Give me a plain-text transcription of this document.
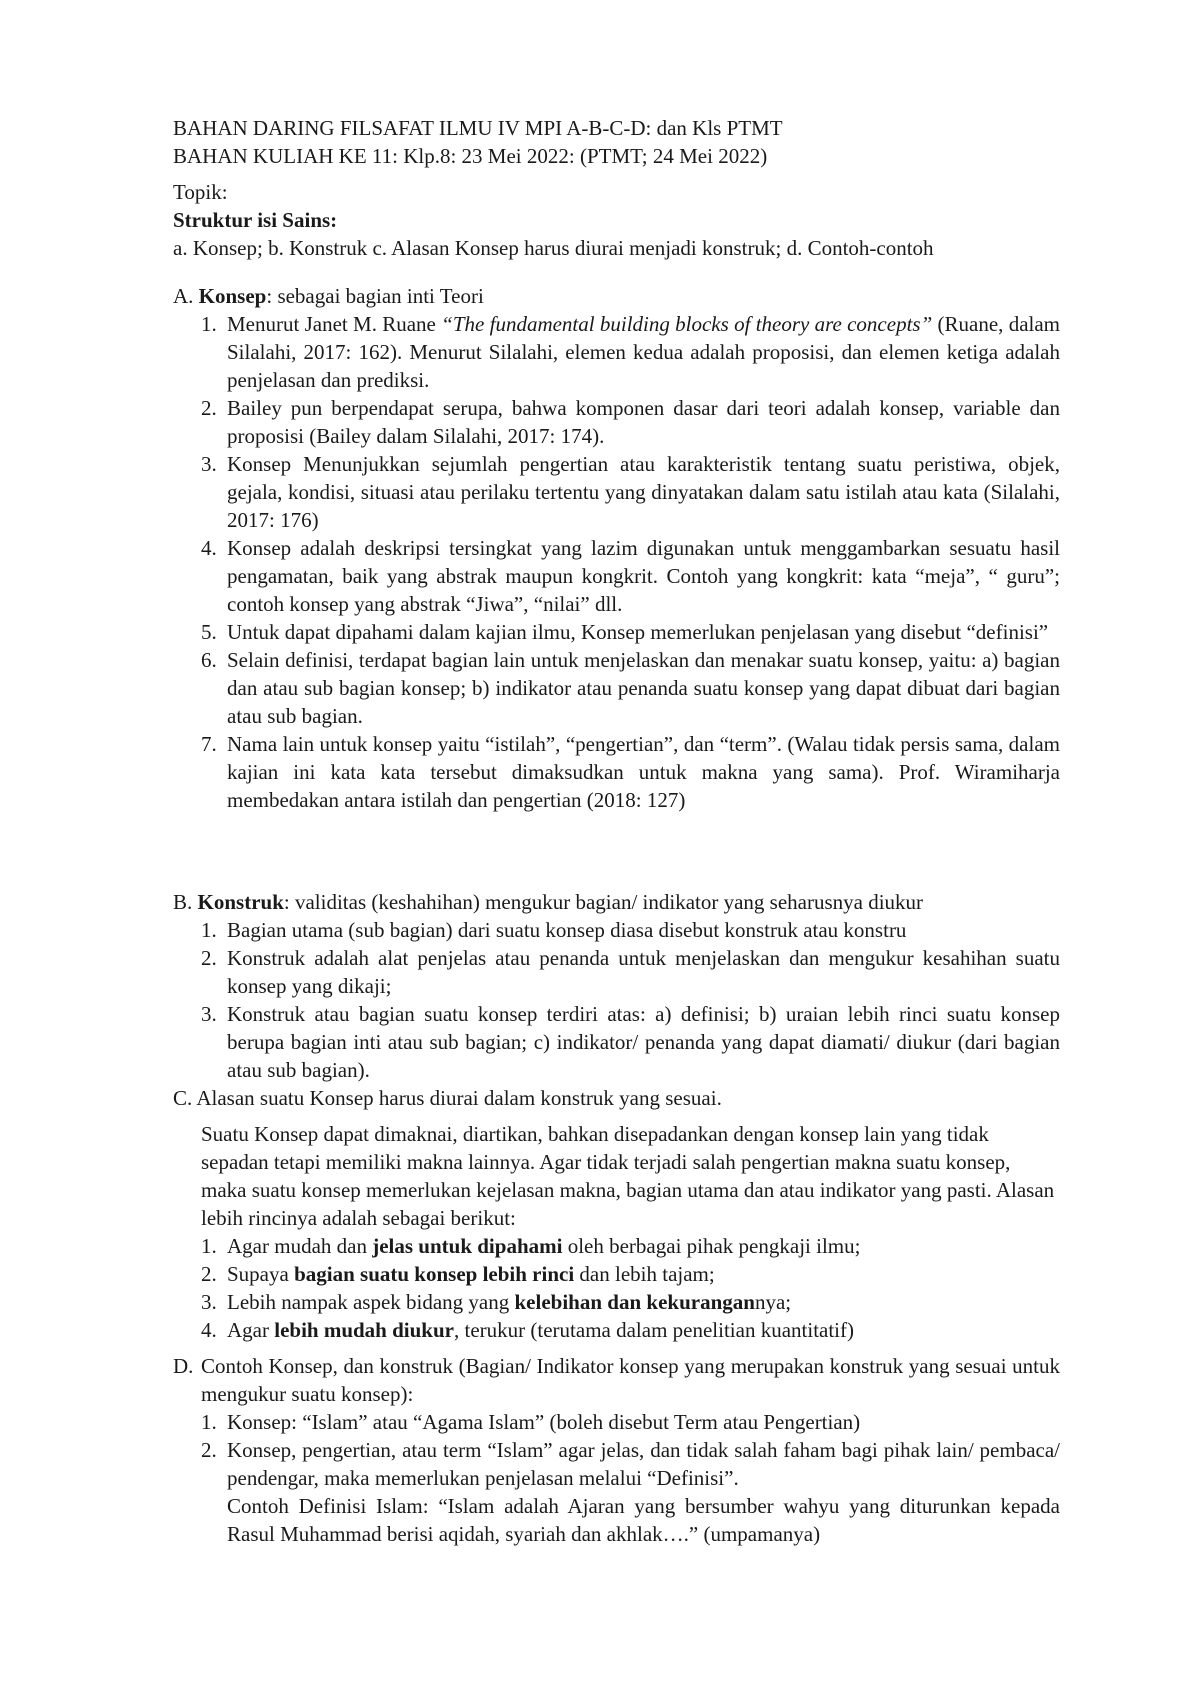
BAHAN DARING FILSAFAT ILMU IV MPI A-B-C-D: dan Kls PTMT

BAHAN KULIAH KE 11: Klp.8: 23 Mei 2022: (PTMT; 24 Mei 2022)

Topik:

Struktur isi Sains:

a. Konsep; b. Konstruk c. Alasan Konsep harus diurai menjadi konstruk; d. Contoh-contoh

A. Konsep: sebagai bagian inti Teori

1. Menurut Janet M. Ruane “The fundamental building blocks of theory are concepts” (Ruane, dalam Silalahi, 2017: 162). Menurut Silalahi, elemen kedua adalah proposisi, dan elemen ketiga adalah penjelasan dan prediksi.
2. Bailey pun berpendapat serupa, bahwa komponen dasar dari teori adalah konsep, variable dan proposisi (Bailey dalam Silalahi, 2017: 174).
3. Konsep Menunjukkan sejumlah pengertian atau karakteristik tentang suatu peristiwa, objek, gejala, kondisi, situasi atau perilaku tertentu yang dinyatakan dalam satu istilah atau kata (Silalahi, 2017: 176)
4. Konsep adalah deskripsi tersingkat yang lazim digunakan untuk menggambarkan sesuatu hasil pengamatan, baik yang abstrak maupun kongkrit. Contoh yang kongkrit: kata “meja”, “ guru”; contoh konsep yang abstrak “Jiwa”, “nilai” dll.
5. Untuk dapat dipahami dalam kajian ilmu, Konsep memerlukan penjelasan yang disebut “definisi”
6. Selain definisi, terdapat bagian lain untuk menjelaskan dan menakar suatu konsep, yaitu: a) bagian dan atau sub bagian konsep; b) indikator atau penanda suatu konsep yang dapat dibuat dari bagian atau sub bagian.
7. Nama lain untuk konsep yaitu “istilah”, “pengertian”, dan “term”. (Walau tidak persis sama, dalam kajian ini kata kata tersebut dimaksudkan untuk makna yang sama). Prof. Wiramiharja membedakan antara istilah dan pengertian (2018: 127)

B. Konstruk: validitas (keshahihan) mengukur bagian/ indikator yang seharusnya diukur

1. Bagian utama (sub bagian) dari suatu konsep diasa disebut konstruk atau konstru
2. Konstruk adalah alat penjelas atau penanda untuk menjelaskan dan mengukur kesahihan suatu konsep yang dikaji;
3. Konstruk atau bagian suatu konsep terdiri atas: a) definisi; b) uraian lebih rinci suatu konsep berupa bagian inti atau sub bagian; c) indikator/ penanda yang dapat diamati/ diukur (dari bagian atau sub bagian).

C. Alasan suatu Konsep harus diurai dalam konstruk yang sesuai.

Suatu Konsep dapat dimaknai, diartikan, bahkan disepadankan dengan konsep lain yang tidak sepadan tetapi memiliki makna lainnya. Agar tidak terjadi salah pengertian makna suatu konsep, maka suatu konsep memerlukan kejelasan makna, bagian utama dan atau indikator yang pasti. Alasan lebih rincinya adalah sebagai berikut:

1. Agar mudah dan jelas untuk dipahami oleh berbagai pihak pengkaji ilmu;
2. Supaya bagian suatu konsep lebih rinci dan lebih tajam;
3. Lebih nampak aspek bidang yang kelebihan dan kekurangannya;
4. Agar lebih mudah diukur, terukur (terutama dalam penelitian kuantitatif)
D. Contoh Konsep, dan konstruk (Bagian/ Indikator konsep yang merupakan konstruk yang sesuai untuk mengukur suatu konsep):
1. Konsep: “Islam” atau “Agama Islam” (boleh disebut Term atau Pengertian)
2. Konsep, pengertian, atau term “Islam” agar jelas, dan tidak salah faham bagi pihak lain/ pembaca/ pendengar, maka memerlukan penjelasan melalui “Definisi”.
Contoh Definisi Islam: “Islam adalah Ajaran yang bersumber wahyu yang diturunkan kepada Rasul Muhammad berisi aqidah, syariah dan akhlak….” (umpamanya)
